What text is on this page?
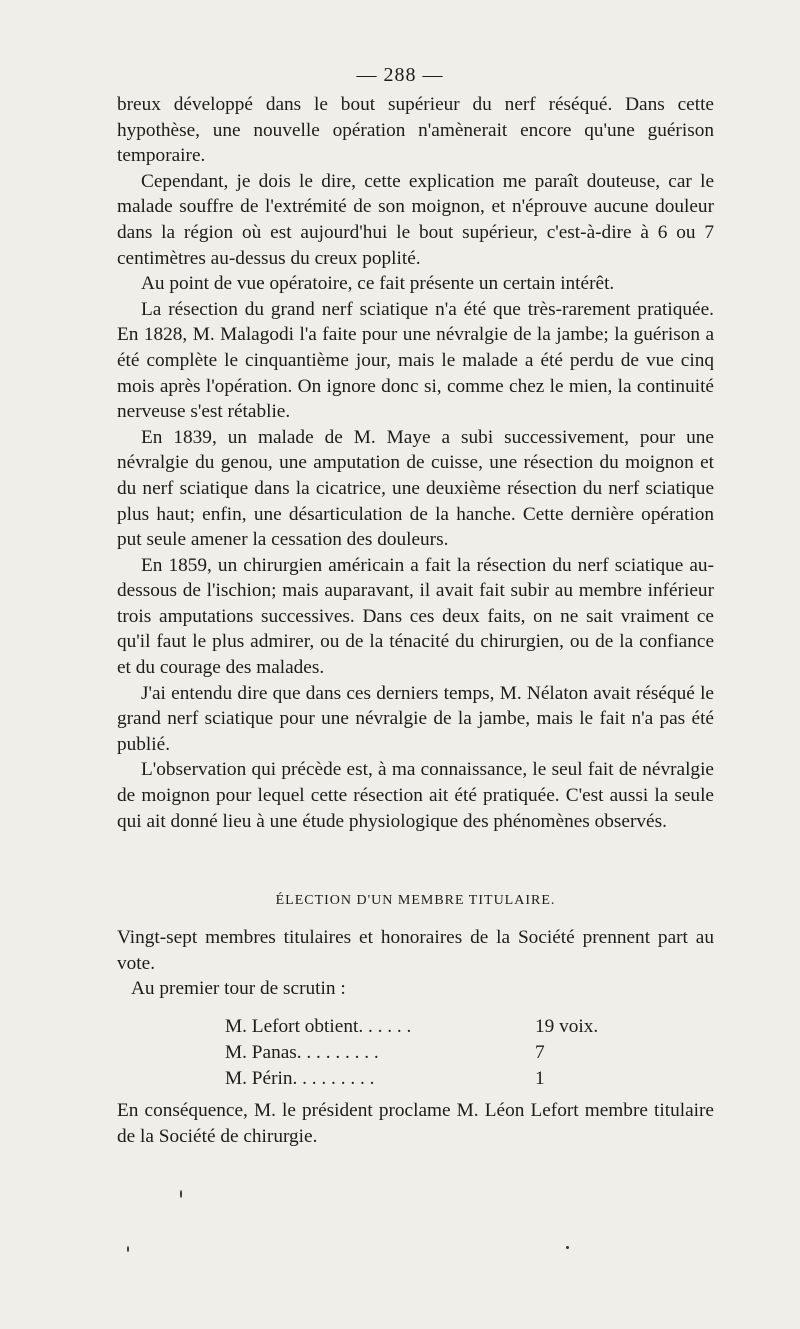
— 288 —

breux développé dans le bout supérieur du nerf réséqué. Dans cette hypothèse, une nouvelle opération n'amènerait encore qu'une guérison temporaire.

Cependant, je dois le dire, cette explication me paraît douteuse, car le malade souffre de l'extrémité de son moignon, et n'éprouve aucune douleur dans la région où est aujourd'hui le bout supérieur, c'est-à-dire à 6 ou 7 centimètres au-dessus du creux poplité.

Au point de vue opératoire, ce fait présente un certain intérêt.

La résection du grand nerf sciatique n'a été que très-rarement pratiquée. En 1828, M. Malagodi l'a faite pour une névralgie de la jambe; la guérison a été complète le cinquantième jour, mais le malade a été perdu de vue cinq mois après l'opération. On ignore donc si, comme chez le mien, la continuité nerveuse s'est rétablie.

En 1839, un malade de M. Maye a subi successivement, pour une névralgie du genou, une amputation de cuisse, une résection du moignon et du nerf sciatique dans la cicatrice, une deuxième résection du nerf sciatique plus haut; enfin, une désarticulation de la hanche. Cette dernière opération put seule amener la cessation des douleurs.

En 1859, un chirurgien américain a fait la résection du nerf sciatique au-dessous de l'ischion; mais auparavant, il avait fait subir au membre inférieur trois amputations successives. Dans ces deux faits, on ne sait vraiment ce qu'il faut le plus admirer, ou de la ténacité du chirurgien, ou de la confiance et du courage des malades.

J'ai entendu dire que dans ces derniers temps, M. Nélaton avait réséqué le grand nerf sciatique pour une névralgie de la jambe, mais le fait n'a pas été publié.

L'observation qui précède est, à ma connaissance, le seul fait de névralgie de moignon pour lequel cette résection ait été pratiquée. C'est aussi la seule qui ait donné lieu à une étude physiologique des phénomènes observés.

ÉLECTION D'UN MEMBRE TITULAIRE.

Vingt-sept membres titulaires et honoraires de la Société prennent part au vote.

Au premier tour de scrutin :

M. Lefort obtient. . . . . .	19 voix.
M. Panas. . . . . . . . .	7
M. Périn. . . . . . . . .	1

En conséquence, M. le président proclame M. Léon Lefort membre titulaire de la Société de chirurgie.
